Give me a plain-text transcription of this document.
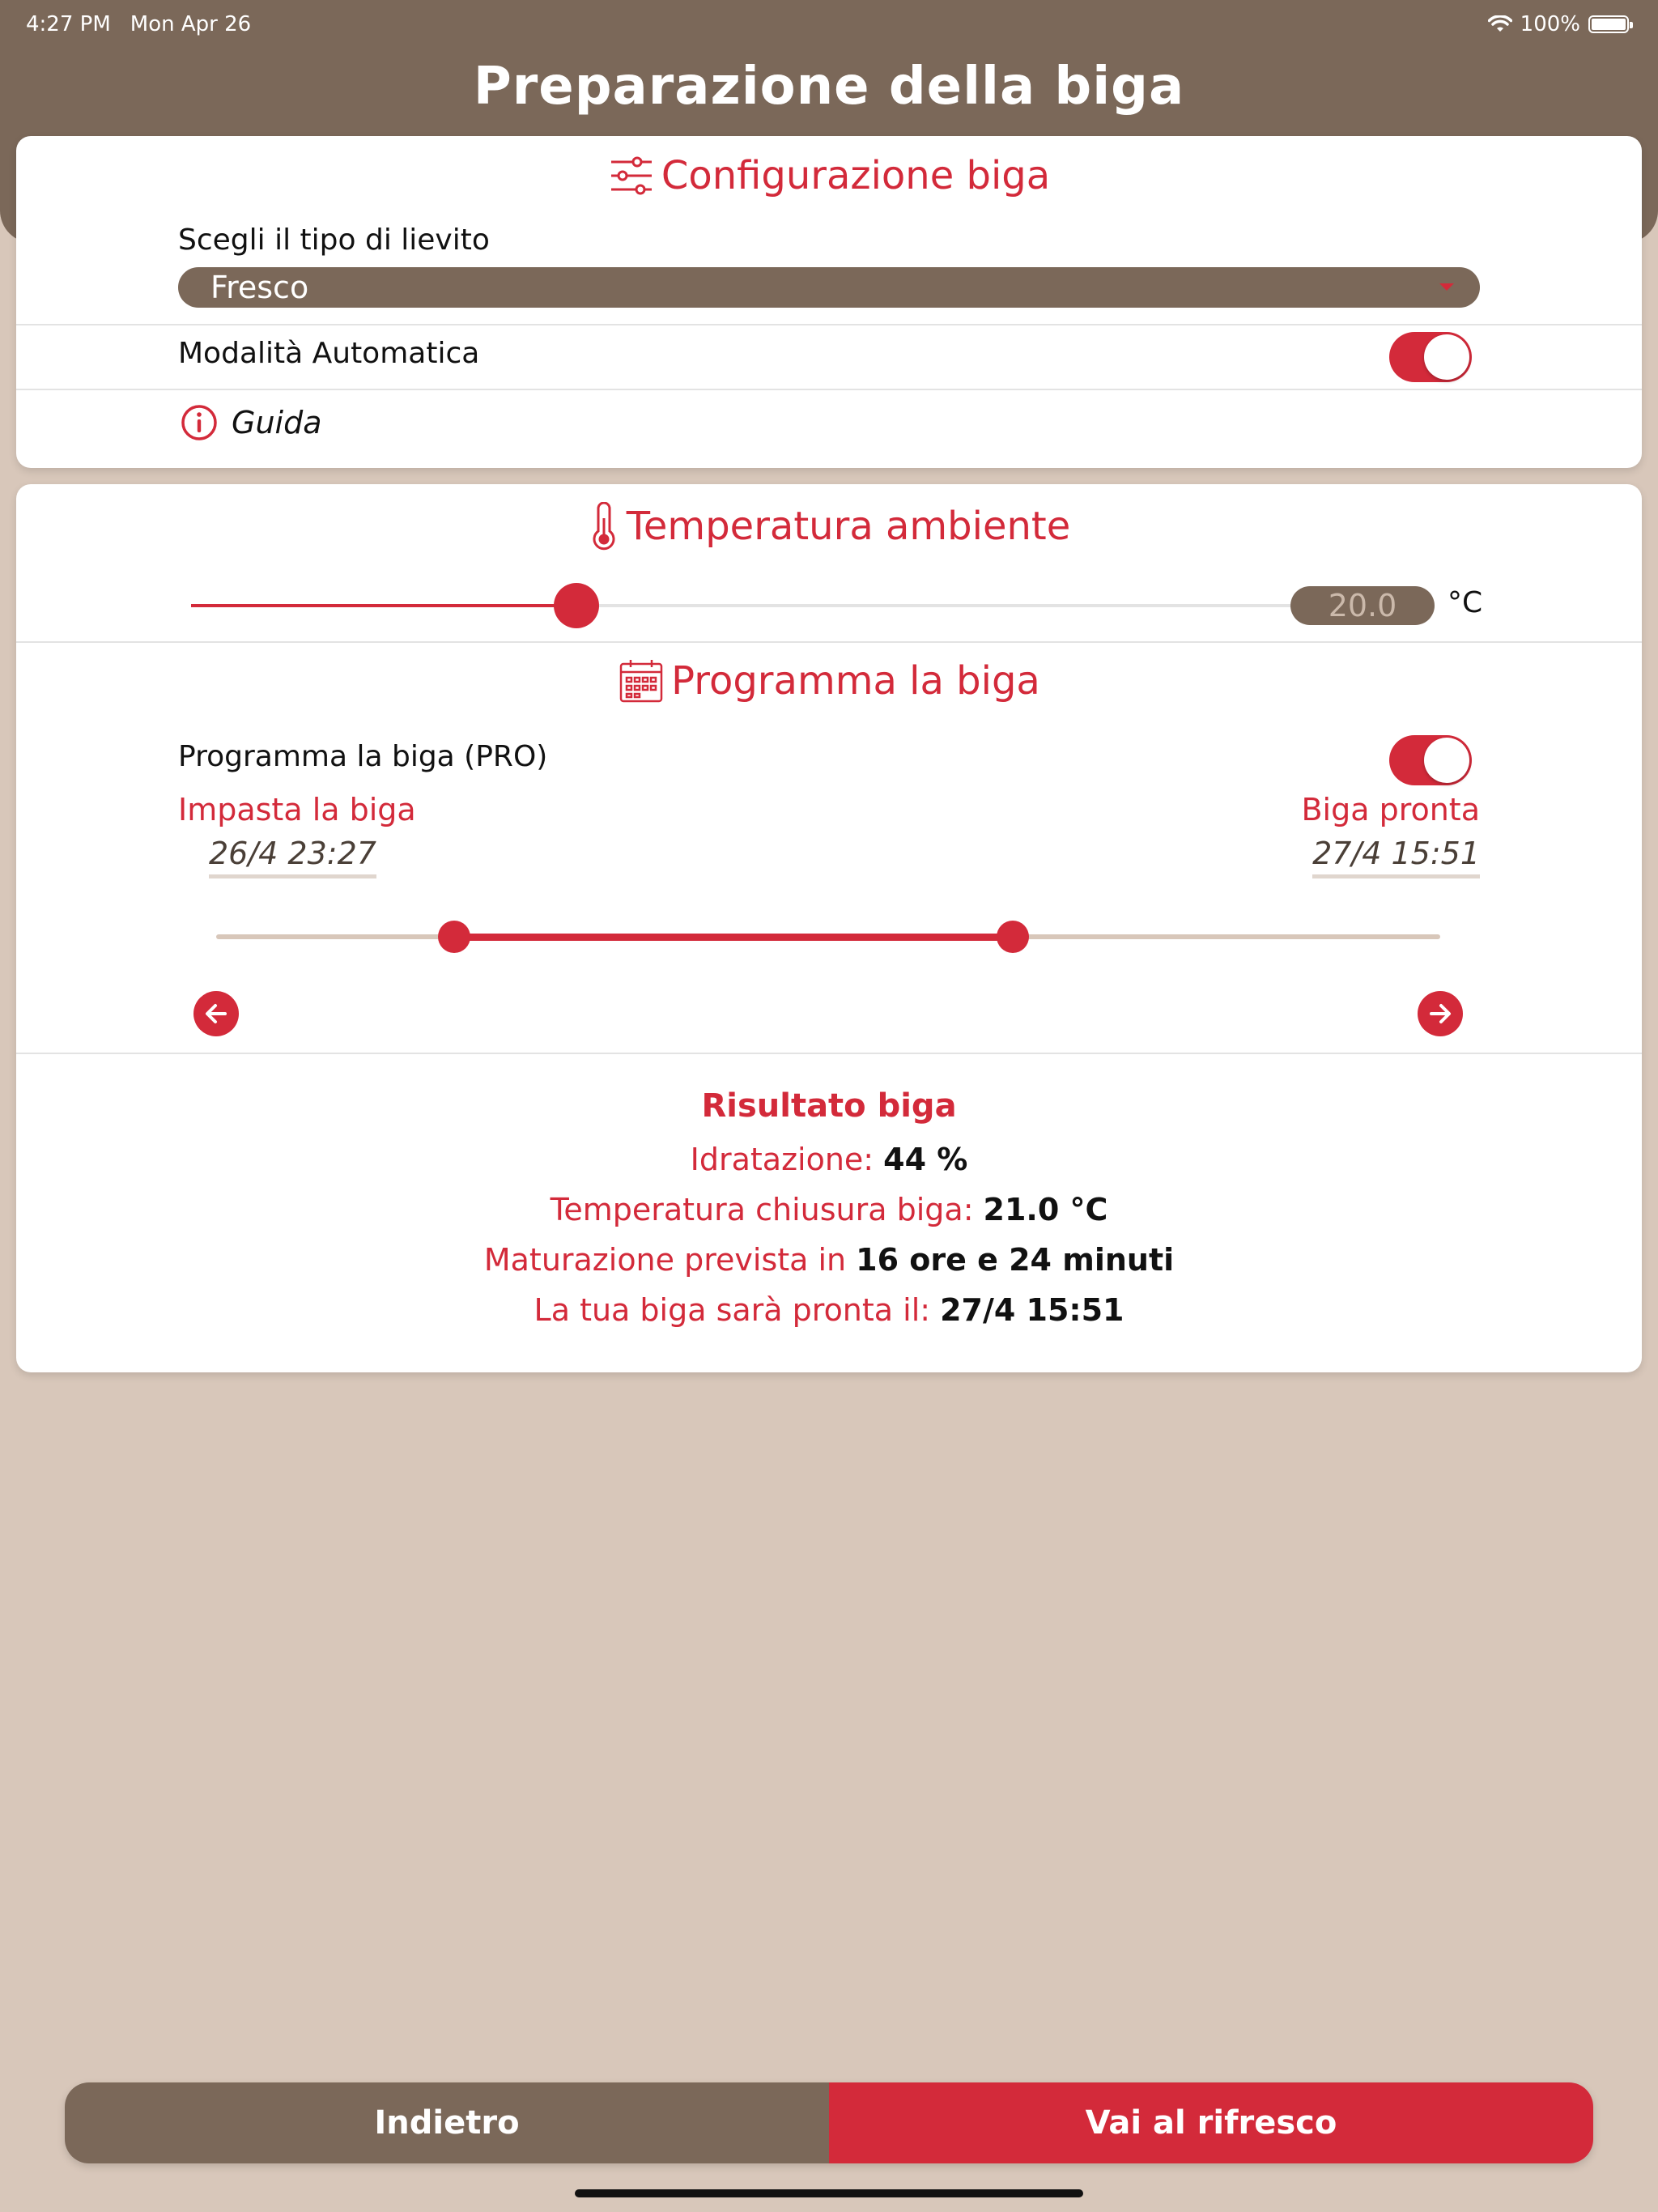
4:27 PM Mon Apr 26	100%
Preparazione della biga
Configurazione biga
Scegli il tipo di lievito
Fresco
Modalità Automatica
Guida
Temperatura ambiente
20.0 °C
Programma la biga
Programma la biga (PRO)
Impasta la biga	Biga pronta
26/4 23:27	27/4 15:51
Risultato biga
Idratazione: 44 %
Temperatura chiusura biga: 21.0 °C
Maturazione prevista in 16 ore e 24 minuti
La tua biga sarà pronta il: 27/4 15:51
Indietro	Vai al rifresco
